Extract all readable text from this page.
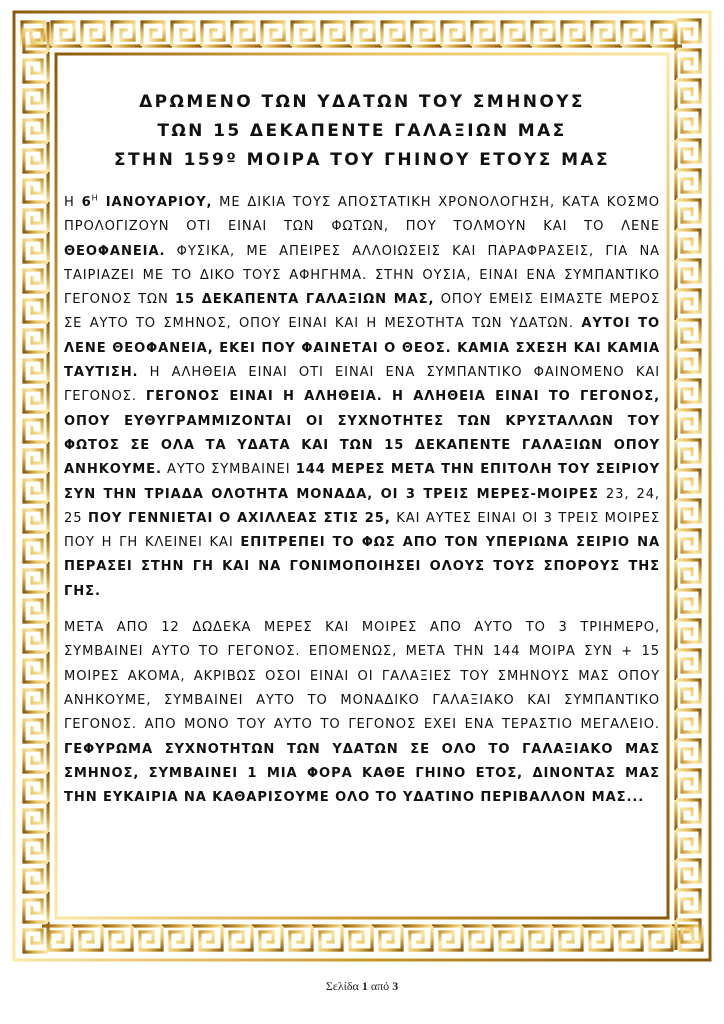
ΔΡΩΜΕΝΟ ΤΩΝ ΥΔΑΤΩΝ ΤΟΥ ΣΜΗΝΟΥΣ
ΤΩΝ 15 ΔΕΚΑΠΕΝΤΕ ΓΑΛΑΞΙΩΝ ΜΑΣ
ΣΤΗΝ 159º ΜΟΙΡΑ ΤΟΥ ΓΗΙΝΟΥ ΕΤΟΥΣ ΜΑΣ

Η $6^H$ ΙΑΝΟΥΑΡΙΟΥ, ΜΕ ΔΙΚΙΑ ΤΟΥΣ ΑΠΟΣΤΑΤΙΚΗ ΧΡΟΝΟΛΟΓΗΣΗ, ΚΑΤΑ ΚΟΣΜΟ ΠΡΟΛΟΓΙΖΟΥΝ ΟΤΙ ΕΙΝΑΙ ΤΩΝ ΦΩΤΩΝ, ΠΟΥ ΤΟΛΜΟΥΝ ΚΑΙ ΤΟ ΛΕΝΕ ΘΕΟΦΑΝΕΙΑ. ΦΥΣΙΚΑ, ΜΕ ΑΠΕΙΡΕΣ ΑΛΛΟΙΩΣΕΙΣ ΚΑΙ ΠΑΡΑΦΡΑΣΕΙΣ, ΓΙΑ ΝΑ ΤΑΙΡΙΑΖΕΙ ΜΕ ΤΟ ΔΙΚΟ ΤΟΥΣ ΑΦΗΓΗΜΑ. ΣΤΗΝ ΟΥΣΙΑ, ΕΙΝΑΙ ΕΝΑ ΣΥΜΠΑΝΤΙΚΟ ΓΕΓΟΝΟΣ ΤΩΝ 15 ΔΕΚΑΠΕΝΤΑ ΓΑΛΑΞΙΩΝ ΜΑΣ, ΟΠΟΥ ΕΜΕΙΣ ΕΙΜΑΣΤΕ ΜΕΡΟΣ ΣΕ ΑΥΤΟ ΤΟ ΣΜΗΝΟΣ, ΟΠΟΥ ΕΙΝΑΙ ΚΑΙ Η ΜΕΣΟΤΗΤΑ ΤΩΝ ΥΔΑΤΩΝ. ΑΥΤΟΙ ΤΟ ΛΕΝΕ ΘΕΟΦΑΝΕΙΑ, ΕΚΕΙ ΠΟΥ ΦΑΙΝΕΤΑΙ Ο ΘΕΟΣ. ΚΑΜΙΑ ΣΧΕΣΗ ΚΑΙ ΚΑΜΙΑ ΤΑΥΤΙΣΗ. Η ΑΛΗΘΕΙΑ ΕΙΝΑΙ ΟΤΙ ΕΙΝΑΙ ΕΝΑ ΣΥΜΠΑΝΤΙΚΟ ΦΑΙΝΟΜΕΝΟ ΚΑΙ ΓΕΓΟΝΟΣ. ΓΕΓΟΝΟΣ ΕΙΝΑΙ Η ΑΛΗΘΕΙΑ. Η ΑΛΗΘΕΙΑ ΕΙΝΑΙ ΤΟ ΓΕΓΟΝΟΣ, ΟΠΟΥ ΕΥΘΥΓΡΑΜΜΙΖΟΝΤΑΙ ΟΙ ΣΥΧΝΟΤΗΤΕΣ ΤΩΝ ΚΡΥΣΤΑΛΛΩΝ ΤΟΥ ΦΩΤΟΣ ΣΕ ΟΛΑ ΤΑ ΥΔΑΤΑ ΚΑΙ ΤΩΝ 15 ΔΕΚΑΠΕΝΤΕ ΓΑΛΑΞΙΩΝ ΟΠΟΥ ΑΝΗΚΟΥΜΕ. ΑΥΤΟ ΣΥΜΒΑΙΝΕΙ 144 ΜΕΡΕΣ ΜΕΤΑ ΤΗΝ ΕΠΙΤΟΛΗ ΤΟΥ ΣΕΙΡΙΟΥ ΣΥΝ ΤΗΝ ΤΡΙΑΔΑ ΟΛΟΤΗΤΑ ΜΟΝΑΔΑ, ΟΙ 3 ΤΡΕΙΣ ΜΕΡΕΣ-ΜΟΙΡΕΣ 23, 24, 25 ΠΟΥ ΓΕΝΝΙΕΤΑΙ Ο ΑΧΙΛΛΕΑΣ ΣΤΙΣ 25, ΚΑΙ ΑΥΤΕΣ ΕΙΝΑΙ ΟΙ 3 ΤΡΕΙΣ ΜΟΙΡΕΣ ΠΟΥ Η ΓΗ ΚΛΕΙΝΕΙ ΚΑΙ ΕΠΙΤΡΕΠΕΙ ΤΟ ΦΩΣ ΑΠΟ ΤΟΝ ΥΠΕΡΙΩΝΑ ΣΕΙΡΙΟ ΝΑ ΠΕΡΑΣΕΙ ΣΤΗΝ ΓΗ ΚΑΙ ΝΑ ΓΟΝΙΜΟΠΟΙΗΣΕΙ ΟΛΟΥΣ ΤΟΥΣ ΣΠΟΡΟΥΣ ΤΗΣ ΓΗΣ.

ΜΕΤΑ ΑΠΟ 12 ΔΩΔΕΚΑ ΜΕΡΕΣ ΚΑΙ ΜΟΙΡΕΣ ΑΠΟ ΑΥΤΟ ΤΟ 3 ΤΡΙΗΜΕΡΟ, ΣΥΜΒΑΙΝΕΙ ΑΥΤΟ ΤΟ ΓΕΓΟΝΟΣ. ΕΠΟΜΕΝΩΣ, ΜΕΤΑ ΤΗΝ 144 ΜΟΙΡΑ ΣΥΝ + 15 ΜΟΙΡΕΣ ΑΚΟΜΑ, ΑΚΡΙΒΩΣ ΟΣΟΙ ΕΙΝΑΙ ΟΙ ΓΑΛΑΞΙΕΣ ΤΟΥ ΣΜΗΝΟΥΣ ΜΑΣ ΟΠΟΥ ΑΝΗΚΟΥΜΕ, ΣΥΜΒΑΙΝΕΙ ΑΥΤΟ ΤΟ ΜΟΝΑΔΙΚΟ ΓΑΛΑΞΙΑΚΟ ΚΑΙ ΣΥΜΠΑΝΤΙΚΟ ΓΕΓΟΝΟΣ. ΑΠΟ ΜΟΝΟ ΤΟΥ ΑΥΤΟ ΤΟ ΓΕΓΟΝΟΣ ΕΧΕΙ ΕΝΑ ΤΕΡΑΣΤΙΟ ΜΕΓΑΛΕΙΟ. ΓΕΦΥΡΩΜΑ ΣΥΧΝΟΤΗΤΩΝ ΤΩΝ ΥΔΑΤΩΝ ΣΕ ΟΛΟ ΤΟ ΓΑΛΑΞΙΑΚΟ ΜΑΣ ΣΜΗΝΟΣ, ΣΥΜΒΑΙΝΕΙ 1 ΜΙΑ ΦΟΡΑ ΚΑΘΕ ΓΗΙΝΟ ΕΤΟΣ, ΔΙΝΟΝΤΑΣ ΜΑΣ ΤΗΝ ΕΥΚΑΙΡΙΑ ΝΑ ΚΑΘΑΡΙΣΟΥΜΕ ΟΛΟ ΤΟ ΥΔΑΤΙΝΟ ΠΕΡΙΒΑΛΛΟΝ ΜΑΣ...

Σελίδα 1 από 3
